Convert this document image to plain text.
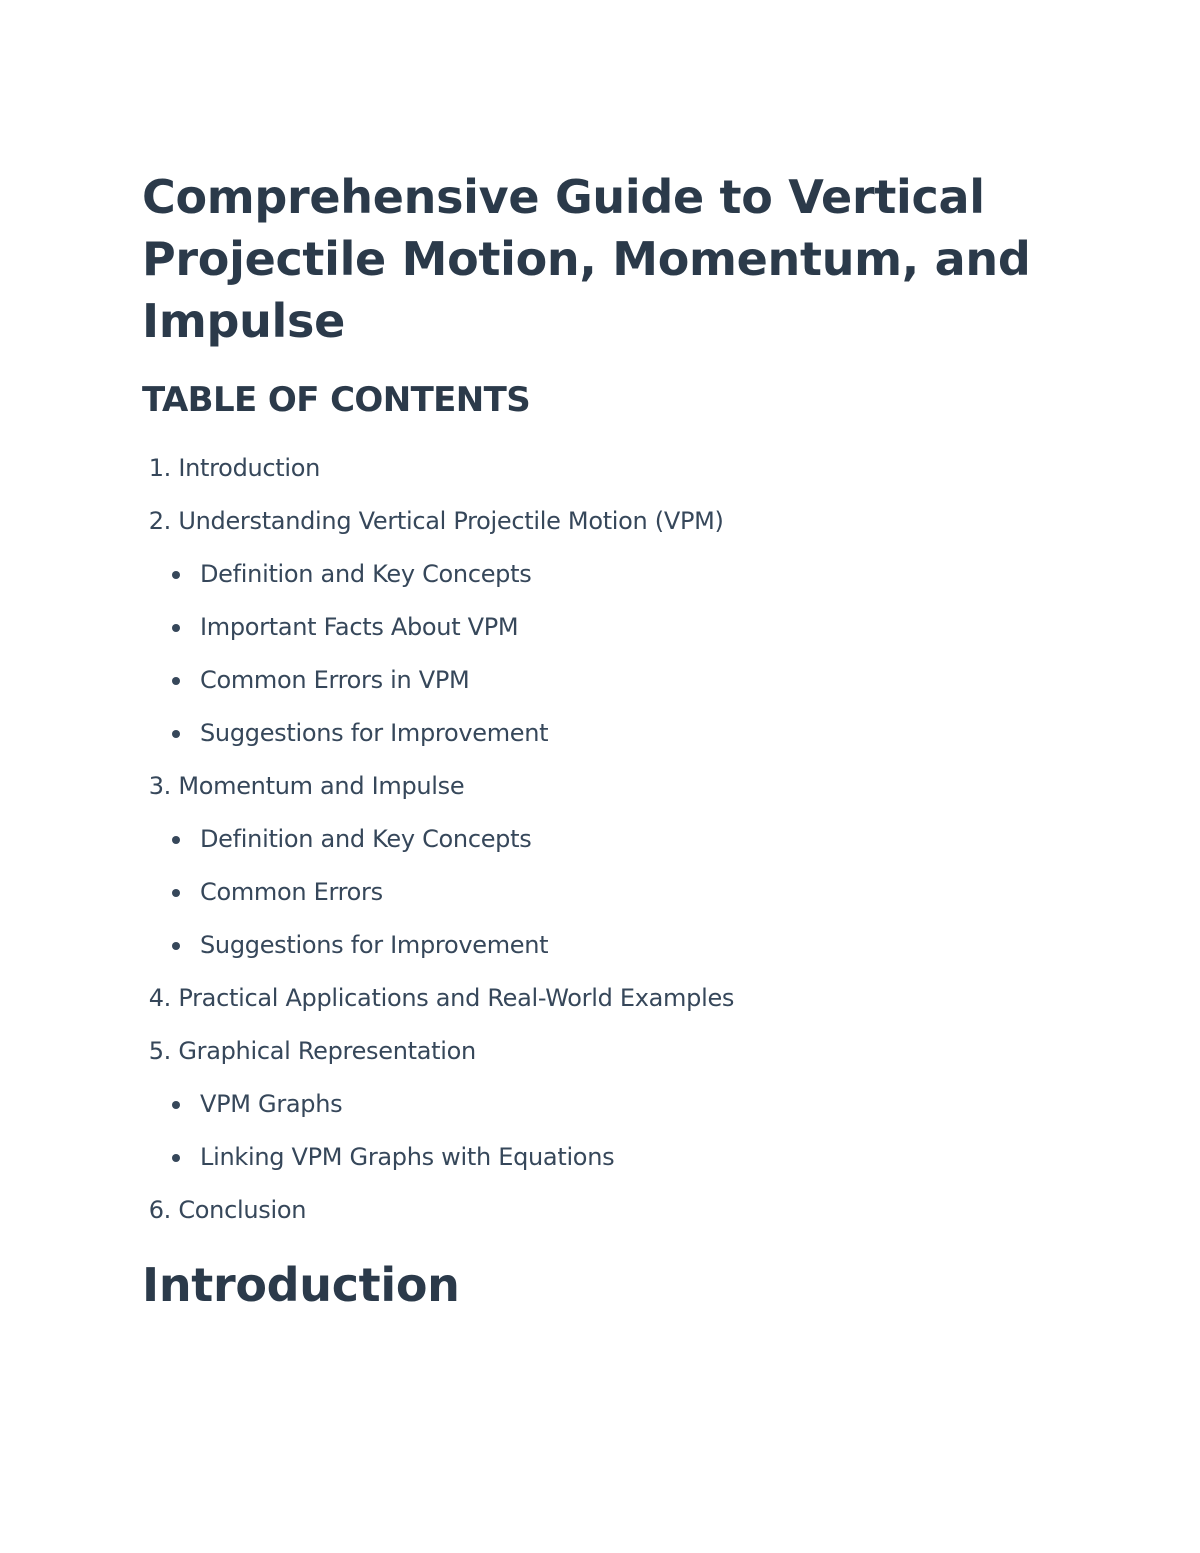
Comprehensive Guide to Vertical Projectile Motion, Momentum, and Impulse
TABLE OF CONTENTS
1. Introduction
2. Understanding Vertical Projectile Motion (VPM)
Definition and Key Concepts
Important Facts About VPM
Common Errors in VPM
Suggestions for Improvement
3. Momentum and Impulse
Definition and Key Concepts
Common Errors
Suggestions for Improvement
4. Practical Applications and Real-World Examples
5. Graphical Representation
VPM Graphs
Linking VPM Graphs with Equations
6. Conclusion
Introduction
